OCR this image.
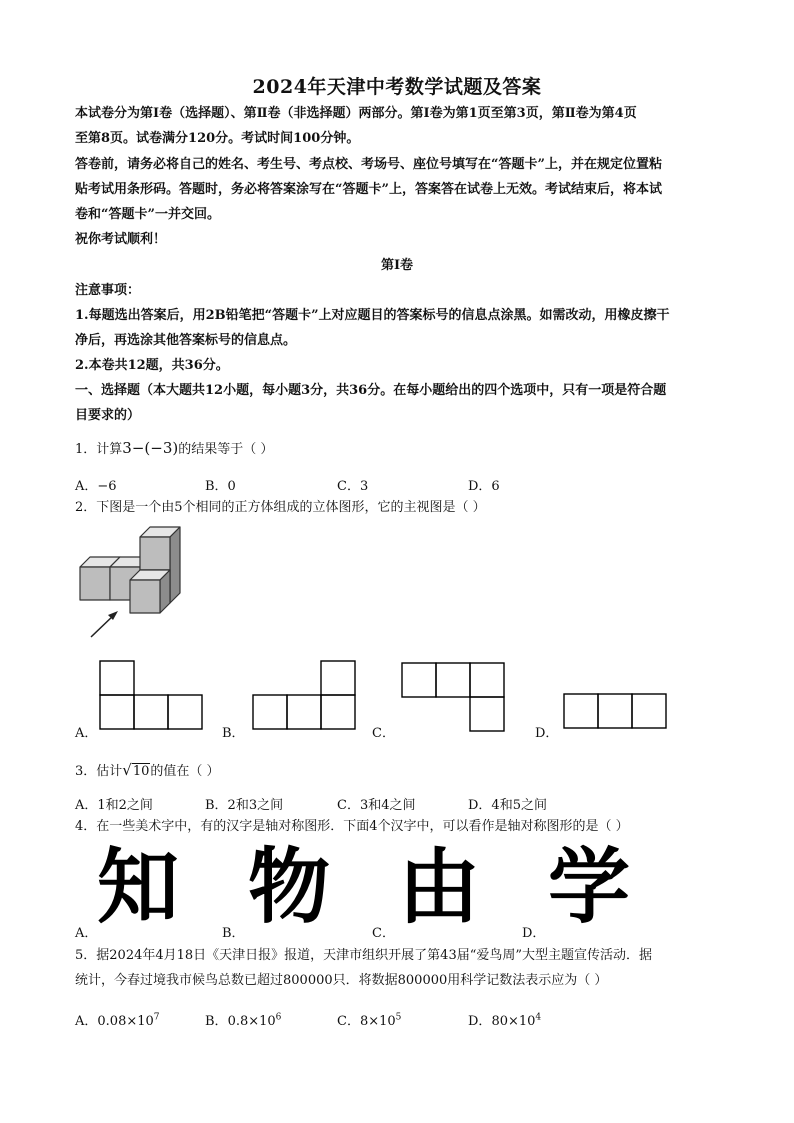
2024年天津中考数学试题及答案
本试卷分为第Ⅰ卷（选择题）、第Ⅱ卷（非选择题）两部分。第Ⅰ卷为第1页至第3页，第Ⅱ卷为第4页
至第8页。试卷满分120分。考试时间100分钟。
答卷前，请务必将自己的姓名、考生号、考点校、考场号、座位号填写在“答题卡”上，并在规定位置粘
贴考试用条形码。答题时，务必将答案涂写在“答题卡”上，答案答在试卷上无效。考试结束后，将本试
卷和“答题卡”一并交回。
祝你考试顺利！
第Ⅰ卷
注意事项：
1.每题选出答案后，用2B铅笔把“答题卡”上对应题目的答案标号的信息点涂黑。如需改动，用橡皮擦干
净后，再选涂其他答案标号的信息点。
2.本卷共12题，共36分。
一、选择题（本大题共12小题，每小题3分，共36分。在每小题给出的四个选项中，只有一项是符合题
目要求的）
1．计算3−(−3)的结果等于（ ）
A．−6	B．0	C．3	D．6
2．下图是一个由5个相同的正方体组成的立体图形，它的主视图是（ ）
A．	B．	C．	D．
3．估计√10的值在（ ）
A．1和2之间	B．2和3之间	C．3和4之间	D．4和5之间
4．在一些美术字中，有的汉字是轴对称图形．下面4个汉字中，可以看作是轴对称图形的是（ ）
A． 知	B． 物	C． 由	D． 学
5．据2024年4月18日《天津日报》报道，天津市组织开展了第43届“爱鸟周”大型主题宣传活动．据
统计，今春过境我市候鸟总数已超过800000只．将数据800000用科学记数法表示应为（ ）
A．$0.08\times 10^7$	B．$0.8\times 10^6$	C．$8\times 10^5$	D．$80\times 10^4$
